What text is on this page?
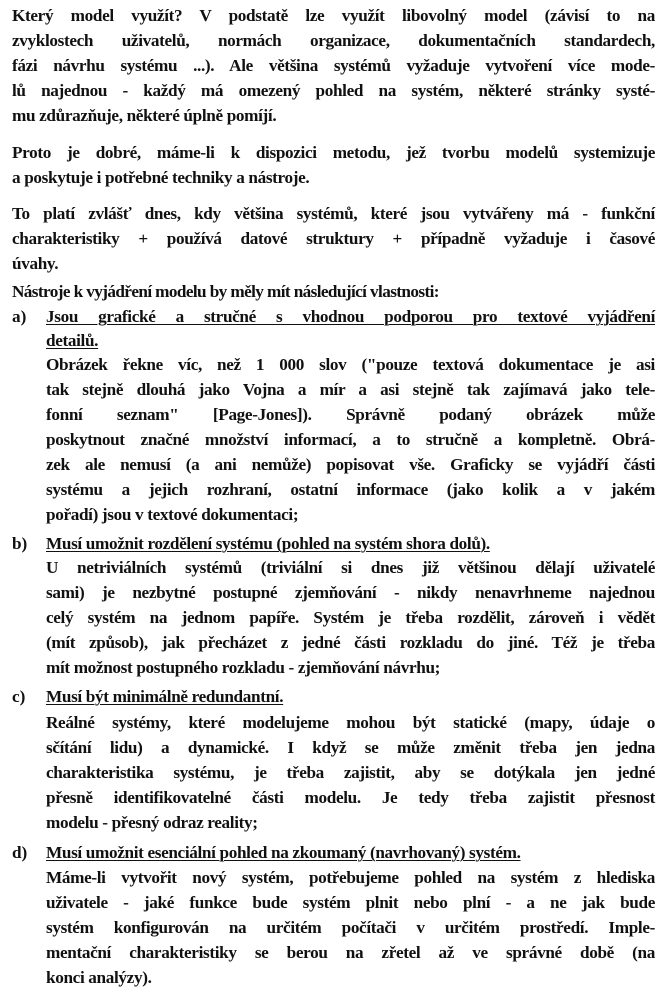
Který model využít? V podstatě lze využít libovolný model (závisí to na
zvyklostech uživatelů, normách organizace, dokumentačních standardech,
fázi návrhu systému ...). Ale většina systémů vyžaduje vytvoření více mode-
lů najednou - každý má omezený pohled na systém, některé stránky systé-
mu zdůrazňuje, některé úplně pomíjí.
Proto je dobré, máme-li k dispozici metodu, jež tvorbu modelů systemizuje
a poskytuje i potřebné techniky a nástroje.
To platí zvlášť dnes, kdy většina systémů, které jsou vytvářeny má - funkční
charakteristiky + používá datové struktury + případně vyžaduje i časové
úvahy.
Nástroje k vyjádření modelu by měly mít následující vlastnosti:
a) Jsou grafické a stručné s vhodnou podporou pro textové vyjádření
detailů.
Obrázek řekne víc, než 1 000 slov ("pouze textová dokumentace je asi
tak stejně dlouhá jako Vojna a mír a asi stejně tak zajímavá jako tele-
fonní seznam" [Page-Jones]). Správně podaný obrázek může
poskytnout značné množství informací, a to stručně a kompletně. Obrá-
zek ale nemusí (a ani nemůže) popisovat vše. Graficky se vyjádří části
systému a jejich rozhraní, ostatní informace (jako kolik a v jakém
pořadí) jsou v textové dokumentaci;
b) Musí umožnit rozdělení systému (pohled na systém shora dolů).
U netriviálních systémů (triviální si dnes již většinou dělají uživatelé
sami) je nezbytné postupné zjemňování - nikdy nenavrhneme najednou
celý systém na jednom papíře. Systém je třeba rozdělit, zároveň i vědět
(mít způsob), jak přecházet z jedné části rozkladu do jiné. Též je třeba
mít možnost postupného rozkladu - zjemňování návrhu;
c) Musí být minimálně redundantní.
Reálné systémy, které modelujeme mohou být statické (mapy, údaje o
sčítání lidu) a dynamické. I když se může změnit třeba jen jedna
charakteristika systému, je třeba zajistit, aby se dotýkala jen jedné
přesně identifikovatelné části modelu. Je tedy třeba zajistit přesnost
modelu - přesný odraz reality;
d) Musí umožnit esenciální pohled na zkoumaný (navrhovaný) systém.
Máme-li vytvořit nový systém, potřebujeme pohled na systém z hlediska
uživatele - jaké funkce bude systém plnit nebo plní - a ne jak bude
systém konfigurován na určitém počítači v určitém prostředí. Imple-
mentační charakteristiky se berou na zřetel až ve správné době (na
konci analýzy).
